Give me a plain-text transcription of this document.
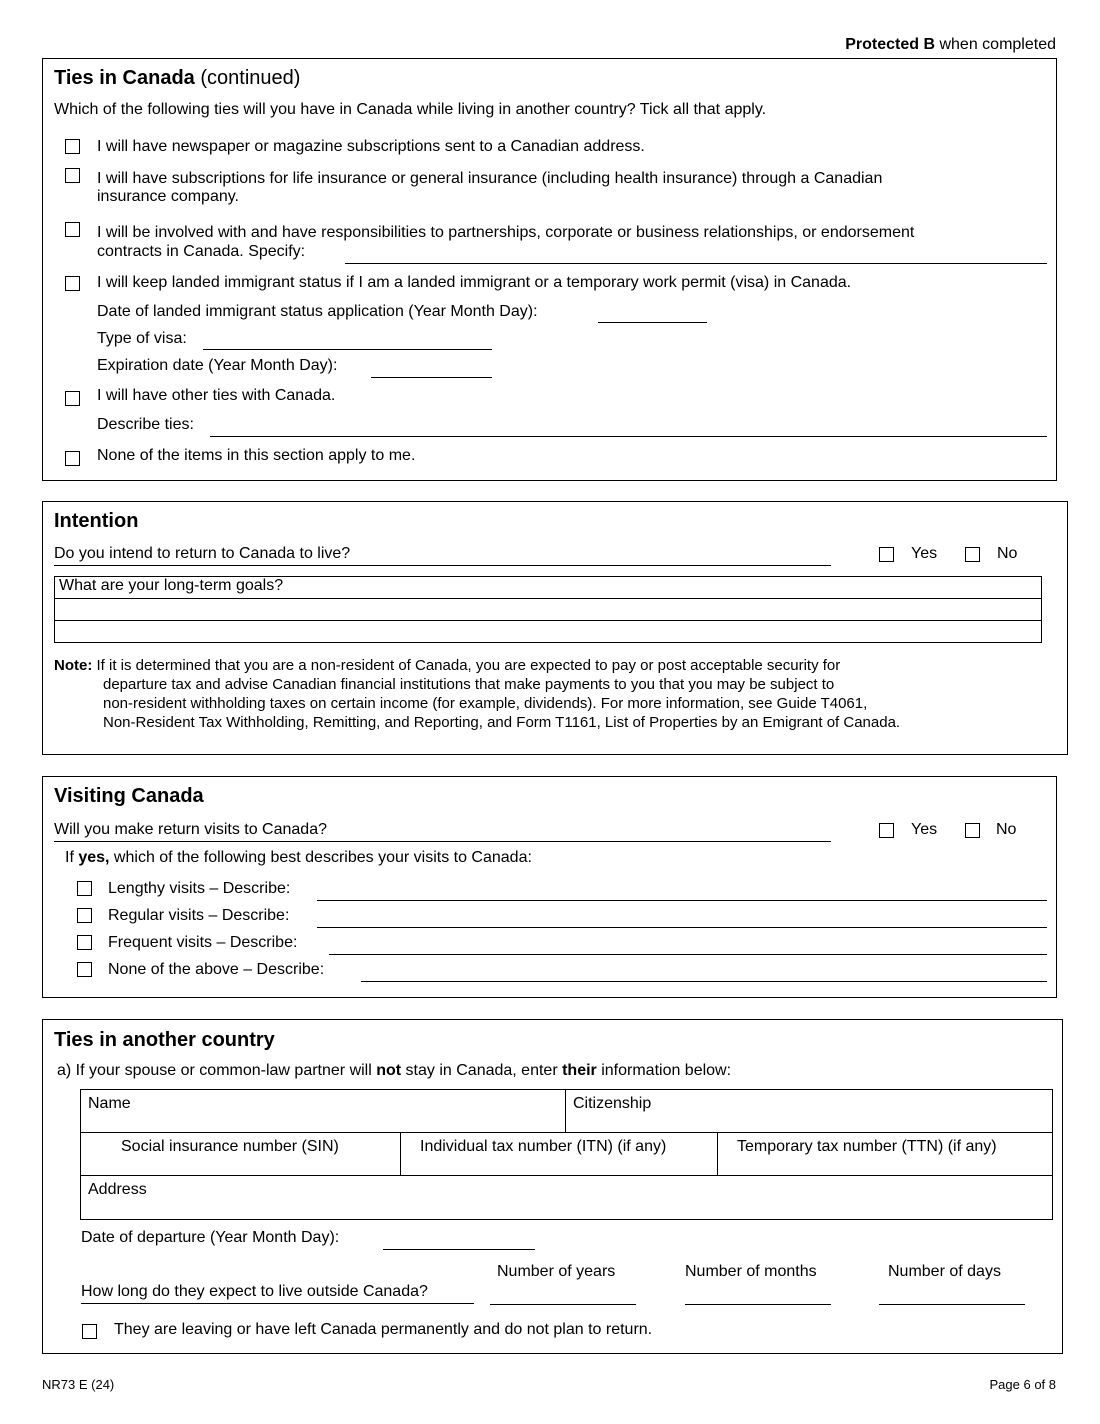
Protected B when completed
Ties in Canada (continued)
Which of the following ties will you have in Canada while living in another country? Tick all that apply.
I will have newspaper or magazine subscriptions sent to a Canadian address.
I will have subscriptions for life insurance or general insurance (including health insurance) through a Canadian
insurance company.
I will be involved with and have responsibilities to partnerships, corporate or business relationships, or endorsement
contracts in Canada. Specify:
I will keep landed immigrant status if I am a landed immigrant or a temporary work permit (visa) in Canada.
Date of landed immigrant status application (Year Month Day):
Type of visa:
Expiration date (Year Month Day):
I will have other ties with Canada.
Describe ties:
None of the items in this section apply to me.
Intention
Do you intend to return to Canada to live?	Yes	No
What are your long-term goals?
Note: If it is determined that you are a non-resident of Canada, you are expected to pay or post acceptable security for
departure tax and advise Canadian financial institutions that make payments to you that you may be subject to
non-resident withholding taxes on certain income (for example, dividends). For more information, see Guide T4061,
Non-Resident Tax Withholding, Remitting, and Reporting, and Form T1161, List of Properties by an Emigrant of Canada.
Visiting Canada
Will you make return visits to Canada?	Yes	No
If yes, which of the following best describes your visits to Canada:
Lengthy visits – Describe:
Regular visits – Describe:
Frequent visits – Describe:
None of the above – Describe:
Ties in another country
a) If your spouse or common-law partner will not stay in Canada, enter their information below:
Name	Citizenship
Social insurance number (SIN)	Individual tax number (ITN) (if any)	Temporary tax number (TTN) (if any)
Address
Date of departure (Year Month Day):
Number of years	Number of months	Number of days
How long do they expect to live outside Canada?
They are leaving or have left Canada permanently and do not plan to return.
NR73 E (24)	Page 6 of 8
